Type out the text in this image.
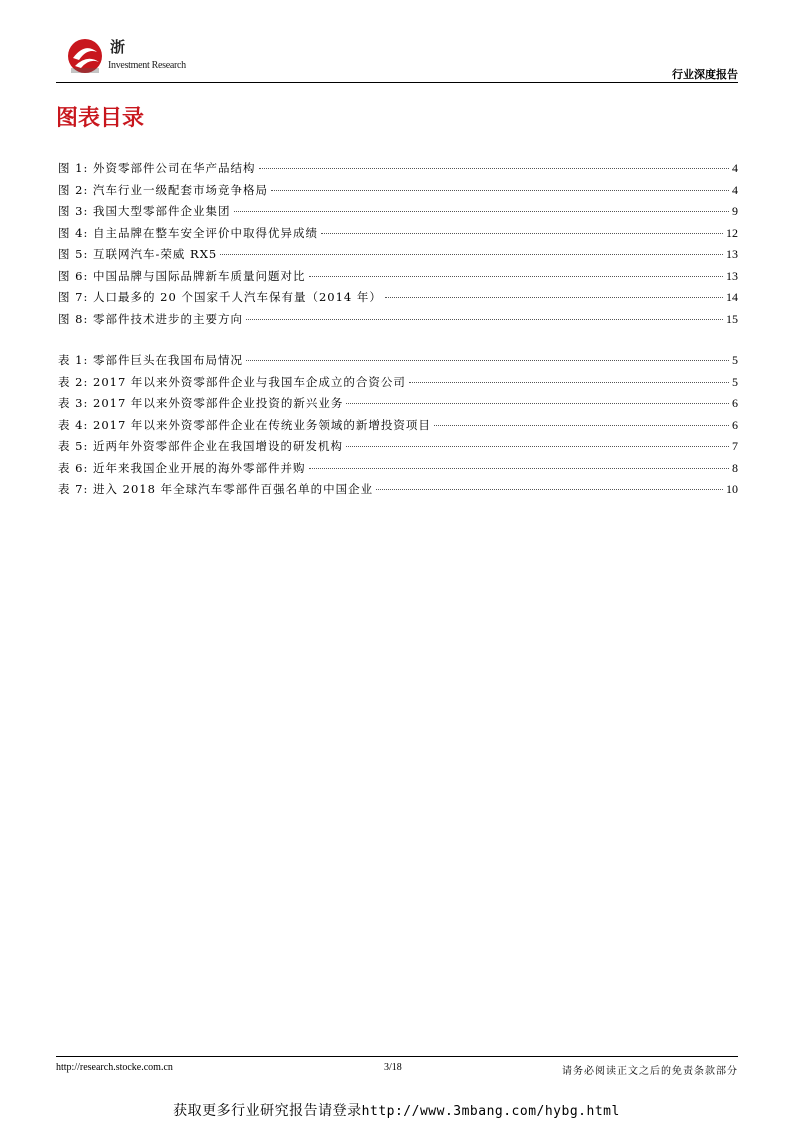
浙
Investment Research
行业深度报告
图表目录
图 1: 外资零部件公司在华产品结构	4
图 2: 汽车行业一级配套市场竞争格局	4
图 3: 我国大型零部件企业集团	9
图 4: 自主品牌在整车安全评价中取得优异成绩	12
图 5: 互联网汽车-荣威 RX5	13
图 6: 中国品牌与国际品牌新车质量问题对比	13
图 7: 人口最多的 20 个国家千人汽车保有量（2014 年）	14
图 8: 零部件技术进步的主要方向	15
表 1: 零部件巨头在我国布局情况	5
表 2: 2017 年以来外资零部件企业与我国车企成立的合资公司	5
表 3: 2017 年以来外资零部件企业投资的新兴业务	6
表 4: 2017 年以来外资零部件企业在传统业务领域的新增投资项目	6
表 5: 近两年外资零部件企业在我国增设的研发机构	7
表 6: 近年来我国企业开展的海外零部件并购	8
表 7: 进入 2018 年全球汽车零部件百强名单的中国企业	10
http://research.stocke.com.cn	3/18	请务必阅读正文之后的免责条款部分
获取更多行业研究报告请登录http://www.3mbang.com/hybg.html
